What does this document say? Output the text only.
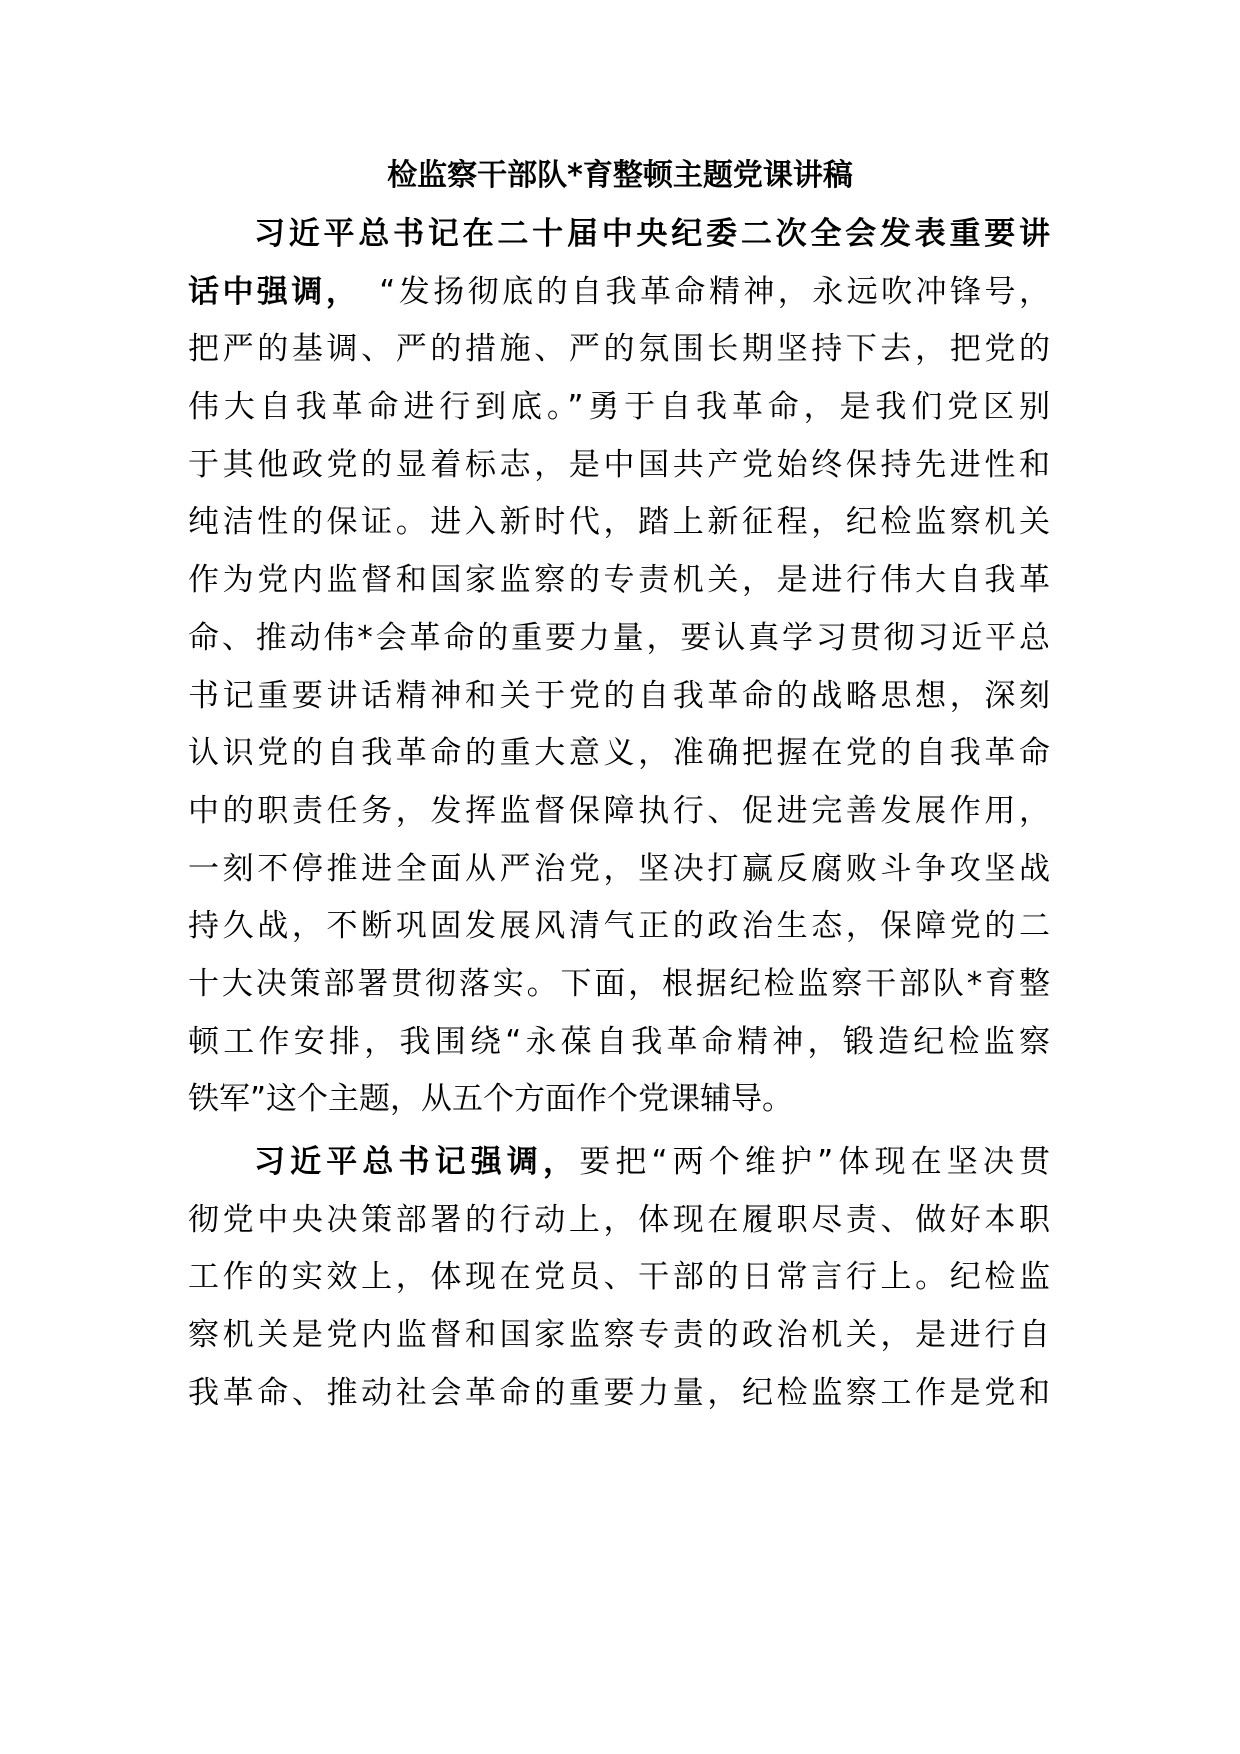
检监察干部队*育整顿主题党课讲稿
习近平总书记在二十届中央纪委二次全会发表重要讲
话中强调，　“发扬彻底的自我革命精神，永远吹冲锋号，
把严的基调、严的措施、严的氛围长期坚持下去，把党的
伟大自我革命进行到底。”勇于自我革命，是我们党区别
于其他政党的显着标志，是中国共产党始终保持先进性和
纯洁性的保证。进入新时代，踏上新征程，纪检监察机关
作为党内监督和国家监察的专责机关，是进行伟大自我革
命、推动伟*会革命的重要力量，要认真学习贯彻习近平总
书记重要讲话精神和关于党的自我革命的战略思想，深刻
认识党的自我革命的重大意义，准确把握在党的自我革命
中的职责任务，发挥监督保障执行、促进完善发展作用，
一刻不停推进全面从严治党，坚决打赢反腐败斗争攻坚战
持久战，不断巩固发展风清气正的政治生态，保障党的二
十大决策部署贯彻落实。下面，根据纪检监察干部队*育整
顿工作安排，我围绕“永葆自我革命精神，锻造纪检监察
铁军”这个主题，从五个方面作个党课辅导。
习近平总书记强调，要把“两个维护”体现在坚决贯
彻党中央决策部署的行动上，体现在履职尽责、做好本职
工作的实效上，体现在党员、干部的日常言行上。纪检监
察机关是党内监督和国家监察专责的政治机关，是进行自
我革命、推动社会革命的重要力量，纪检监察工作是党和
